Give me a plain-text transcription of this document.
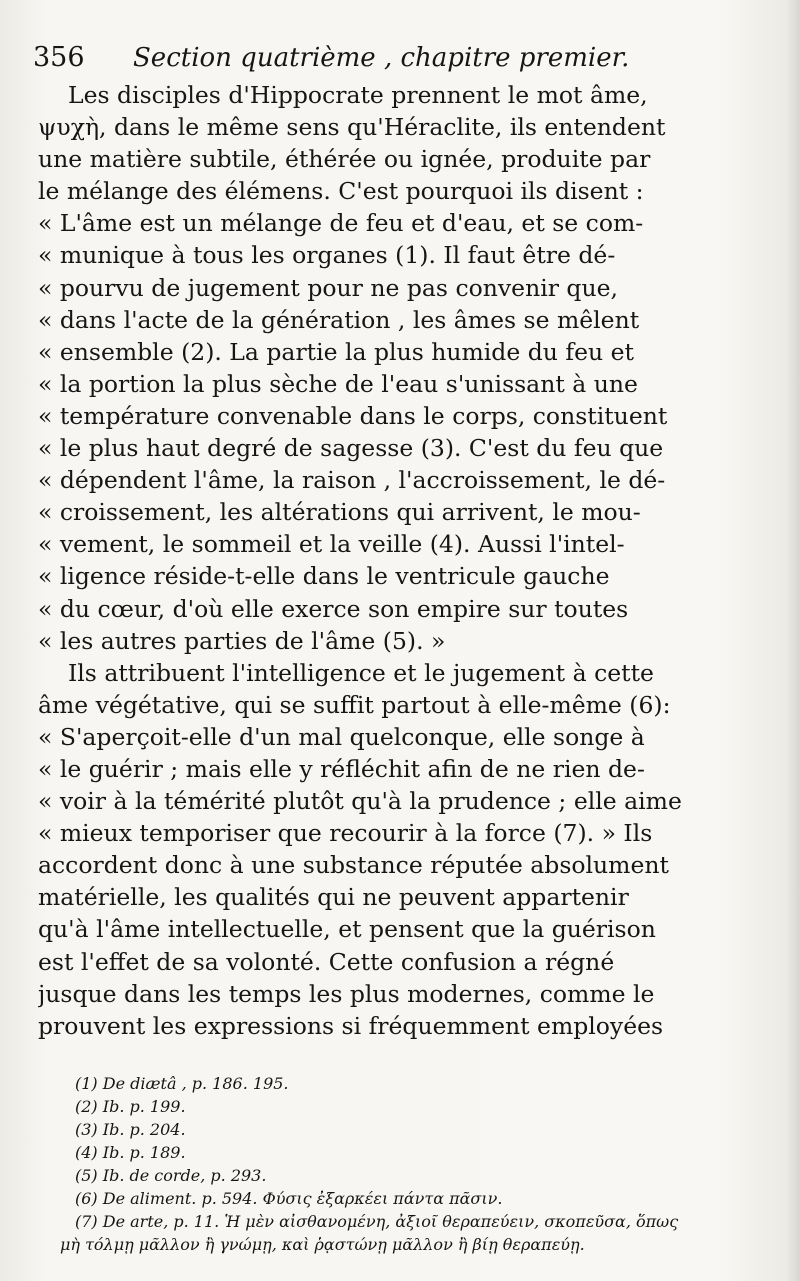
356 Section quatrième , chapitre premier.
Les disciples d'Hippocrate prennent le mot âme,
ψυχὴ, dans le même sens qu'Héraclite, ils entendent
une matière subtile, éthérée ou ignée, produite par
le mélange des élémens. C'est pourquoi ils disent :
« L'âme est un mélange de feu et d'eau, et se com-
« munique à tous les organes (1). Il faut être dé-
« pourvu de jugement pour ne pas convenir que,
« dans l'acte de la génération , les âmes se mêlent
« ensemble (2). La partie la plus humide du feu et
« la portion la plus sèche de l'eau s'unissant à une
« température convenable dans le corps, constituent
« le plus haut degré de sagesse (3). C'est du feu que
« dépendent l'âme, la raison , l'accroissement, le dé-
« croissement, les altérations qui arrivent, le mou-
« vement, le sommeil et la veille (4). Aussi l'intel-
« ligence réside-t-elle dans le ventricule gauche
« du cœur, d'où elle exerce son empire sur toutes
« les autres parties de l'âme (5). »
Ils attribuent l'intelligence et le jugement à cette
âme végétative, qui se suffit partout à elle-même (6):
« S'aperçoit-elle d'un mal quelconque, elle songe à
« le guérir ; mais elle y réfléchit afin de ne rien de-
« voir à la témérité plutôt qu'à la prudence ; elle aime
« mieux temporiser que recourir à la force (7). » Ils
accordent donc à une substance réputée absolument
matérielle, les qualités qui ne peuvent appartenir
qu'à l'âme intellectuelle, et pensent que la guérison
est l'effet de sa volonté. Cette confusion a régné
jusque dans les temps les plus modernes, comme le
prouvent les expressions si fréquemment employées
(1) De diætâ , p. 186. 195.
(2) Ib. p. 199.
(3) Ib. p. 204.
(4) Ib. p. 189.
(5) Ib. de corde, p. 293.
(6) De aliment. p. 594. Φύσις ἐξαρκέει πάντα πᾶσιν.
(7) De arte, p. 11. Ἡ μὲν αἰσθανομένη, ἀξιοῖ θεραπεύειν, σκοπεῦσα, ὅπως
μὴ τόλμῃ μᾶλλον ἢ γνώμῃ, καὶ ῥᾳστώνῃ μᾶλλον ἢ βίῃ θεραπεύῃ.
